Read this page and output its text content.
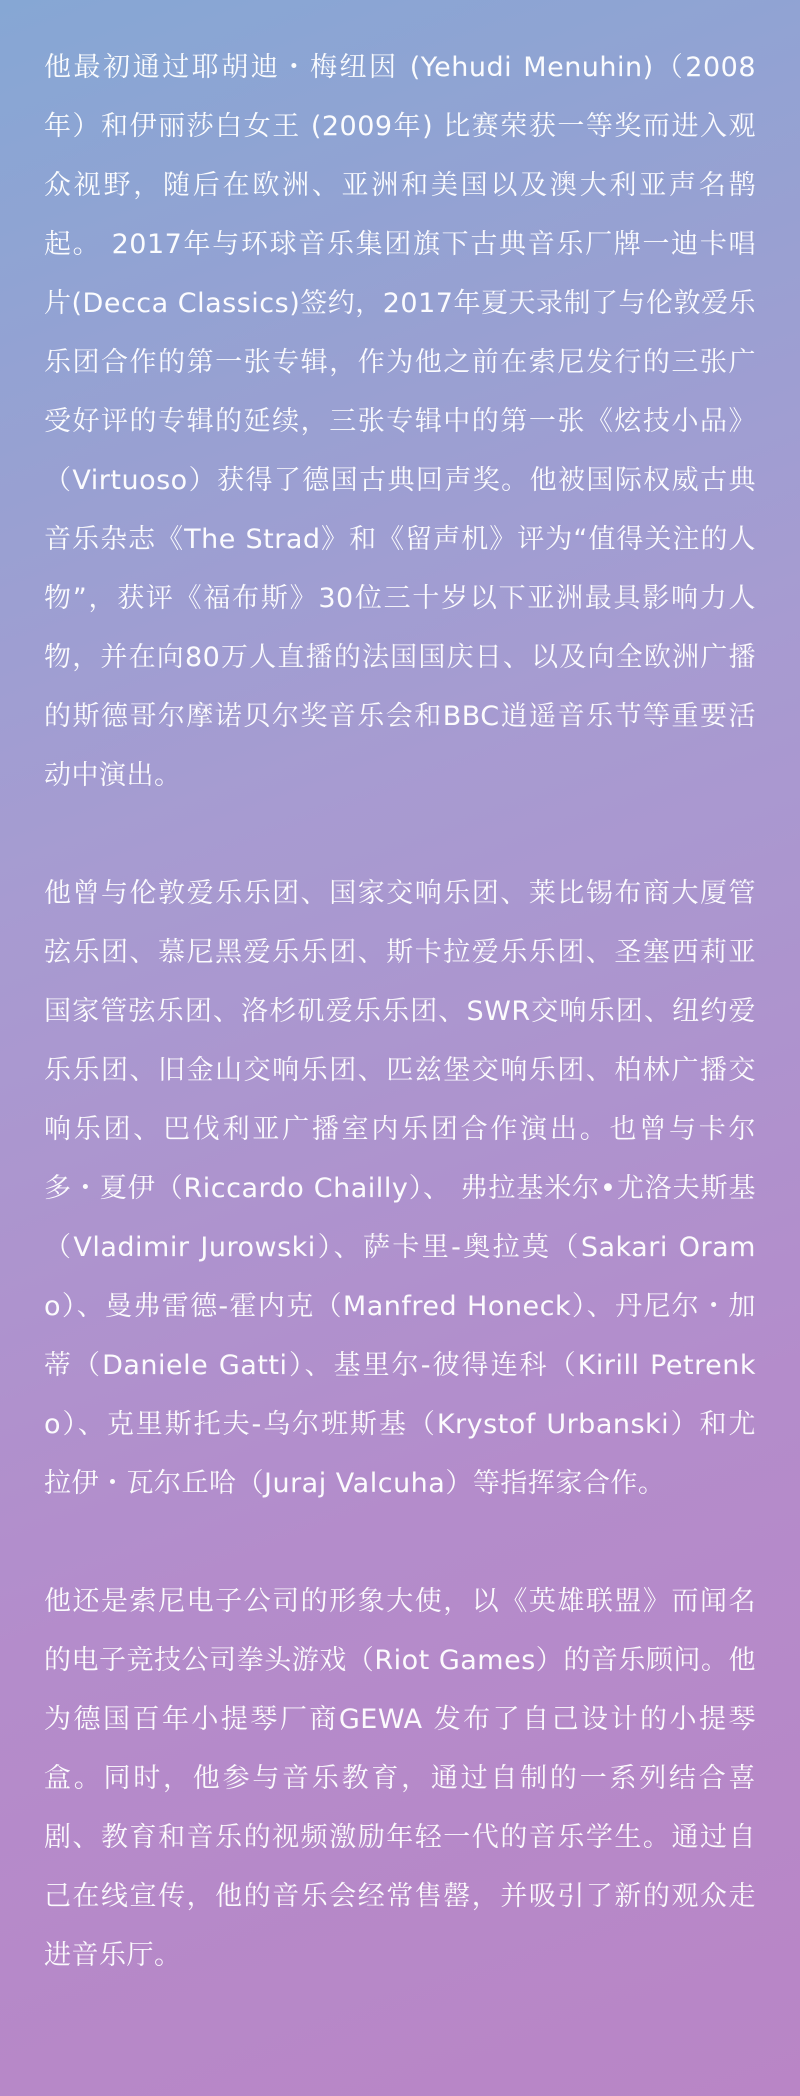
他最初通过耶胡迪・梅纽因 (Yehudi Menuhin)（2008年）和伊丽莎白女王 (2009年) 比赛荣获一等奖而进入观众视野，随后在欧洲、亚洲和美国以及澳大利亚声名鹊起。 2017年与环球音乐集团旗下古典音乐厂牌一迪卡唱片(Decca Classics)签约，2017年夏天录制了与伦敦爱乐乐团合作的第一张专辑，作为他之前在索尼发行的三张广受好评的专辑的延续，三张专辑中的第一张《炫技小品》（Virtuoso）获得了德国古典回声奖。他被国际权威古典音乐杂志《The Strad》和《留声机》评为“值得关注的人物”，获评《福布斯》30位三十岁以下亚洲最具影响力人物，并在向80万人直播的法国国庆日、以及向全欧洲广播的斯德哥尔摩诺贝尔奖音乐会和BBC逍遥音乐节等重要活动中演出。

他曾与伦敦爱乐乐团、国家交响乐团、莱比锡布商大厦管弦乐团、慕尼黑爱乐乐团、斯卡拉爱乐乐团、圣塞西莉亚国家管弦乐团、洛杉矶爱乐乐团、SWR交响乐团、纽约爱乐乐团、旧金山交响乐团、匹兹堡交响乐团、柏林广播交响乐团、巴伐利亚广播室内乐团合作演出。也曾与卡尔多・夏伊（Riccardo Chailly）、 弗拉基米尔•尤洛夫斯基（Vladimir Jurowski）、萨卡里-奥拉莫（Sakari Oramo）、曼弗雷德-霍内克（Manfred Honeck）、丹尼尔・加蒂（Daniele Gatti）、基里尔-彼得连科（Kirill Petrenko）、克里斯托夫-乌尔班斯基（Krystof Urbanski）和尤拉伊・瓦尔丘哈（Juraj Valcuha）等指挥家合作。

他还是索尼电子公司的形象大使，以《英雄联盟》而闻名的电子竞技公司拳头游戏（Riot Games）的音乐顾问。他为德国百年小提琴厂商GEWA 发布了自己设计的小提琴盒。同时，他参与音乐教育，通过自制的一系列结合喜剧、教育和音乐的视频激励年轻一代的音乐学生。通过自己在线宣传，他的音乐会经常售罄，并吸引了新的观众走进音乐厅。
